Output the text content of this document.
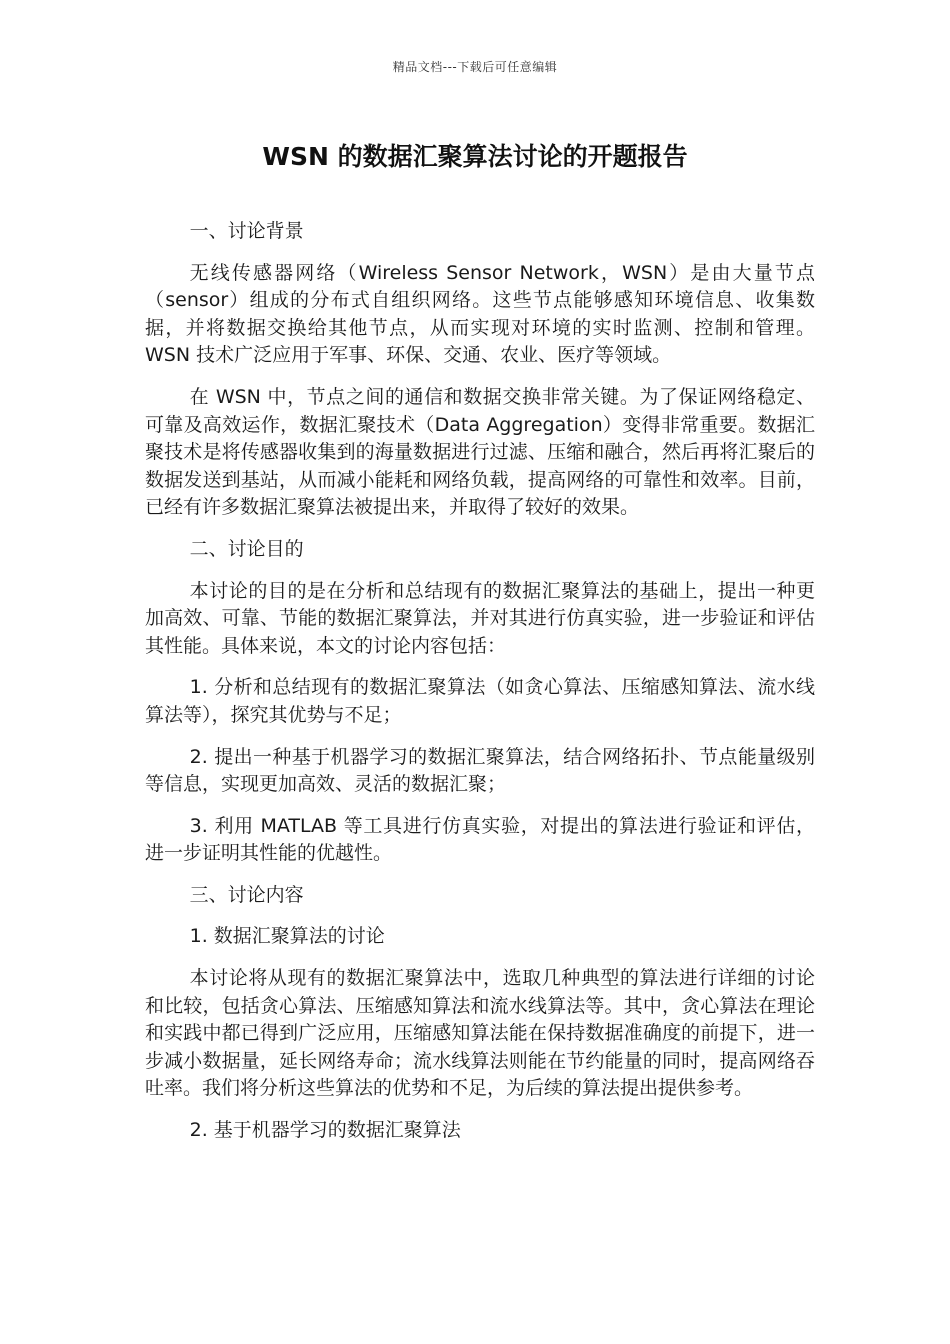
精品文档---下载后可任意编辑
WSN 的数据汇聚算法讨论的开题报告

一、讨论背景

无线传感器网络（Wireless Sensor Network，WSN）是由大量节点（sensor）组成的分布式自组织网络。这些节点能够感知环境信息、收集数据，并将数据交换给其他节点，从而实现对环境的实时监测、控制和管理。WSN 技术广泛应用于军事、环保、交通、农业、医疗等领域。

在 WSN 中，节点之间的通信和数据交换非常关键。为了保证网络稳定、可靠及高效运作，数据汇聚技术（Data Aggregation）变得非常重要。数据汇聚技术是将传感器收集到的海量数据进行过滤、压缩和融合，然后再将汇聚后的数据发送到基站，从而减小能耗和网络负载，提高网络的可靠性和效率。目前，已经有许多数据汇聚算法被提出来，并取得了较好的效果。

二、讨论目的

本讨论的目的是在分析和总结现有的数据汇聚算法的基础上，提出一种更加高效、可靠、节能的数据汇聚算法，并对其进行仿真实验，进一步验证和评估其性能。具体来说，本文的讨论内容包括：

1. 分析和总结现有的数据汇聚算法（如贪心算法、压缩感知算法、流水线算法等），探究其优势与不足；

2. 提出一种基于机器学习的数据汇聚算法，结合网络拓扑、节点能量级别等信息，实现更加高效、灵活的数据汇聚；

3. 利用 MATLAB 等工具进行仿真实验，对提出的算法进行验证和评估，进一步证明其性能的优越性。

三、讨论内容

1. 数据汇聚算法的讨论

本讨论将从现有的数据汇聚算法中，选取几种典型的算法进行详细的讨论和比较，包括贪心算法、压缩感知算法和流水线算法等。其中，贪心算法在理论和实践中都已得到广泛应用，压缩感知算法能在保持数据准确度的前提下，进一步减小数据量，延长网络寿命；流水线算法则能在节约能量的同时，提高网络吞吐率。我们将分析这些算法的优势和不足，为后续的算法提出提供参考。

2. 基于机器学习的数据汇聚算法
